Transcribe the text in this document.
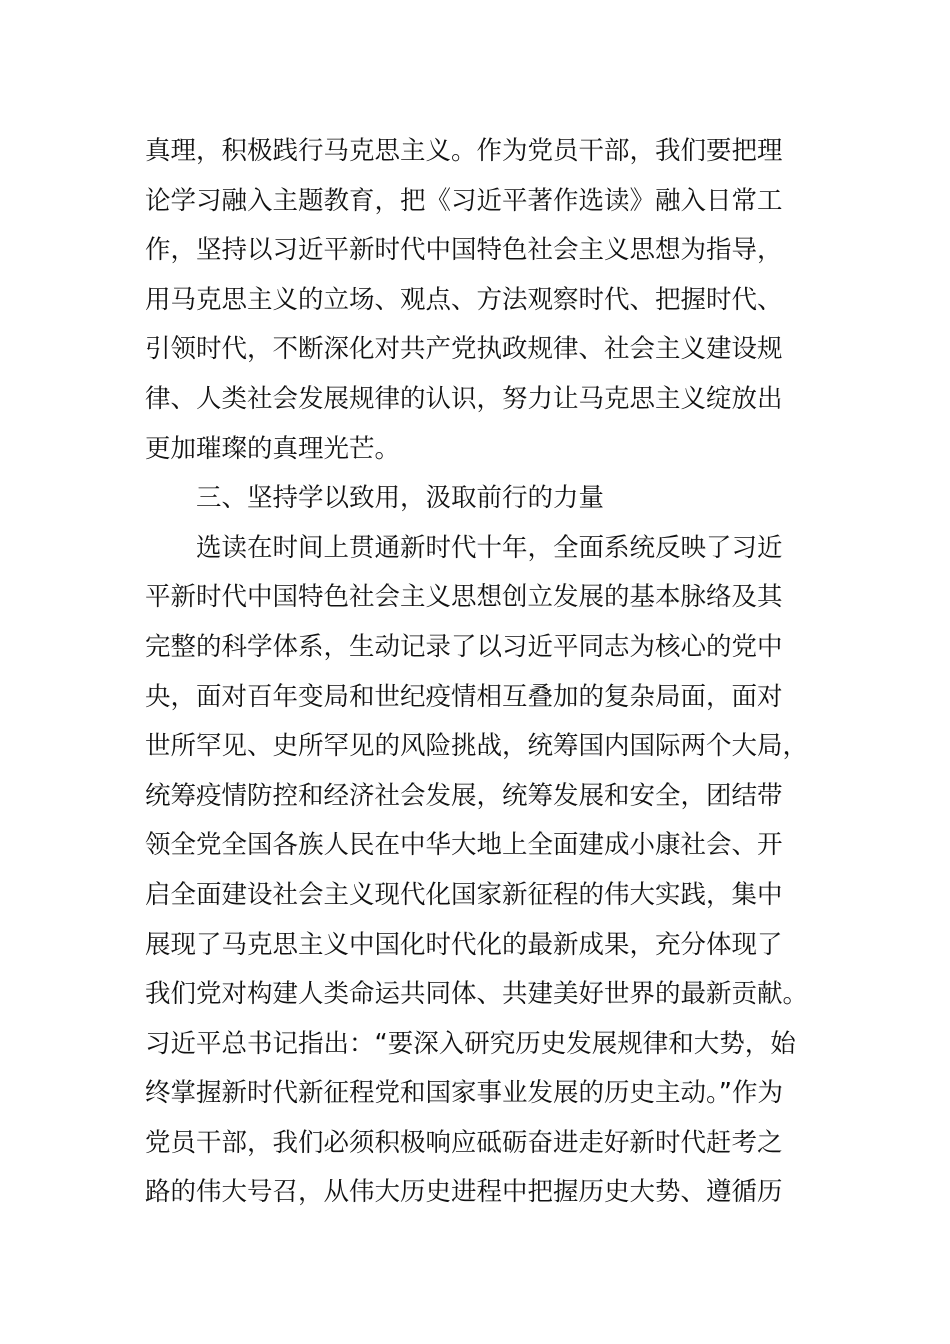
真理，积极践行马克思主义。作为党员干部，我们要把理
论学习融入主题教育，把《习近平著作选读》融入日常工
作，坚持以习近平新时代中国特色社会主义思想为指导，
用马克思主义的立场、观点、方法观察时代、把握时代、
引领时代，不断深化对共产党执政规律、社会主义建设规
律、人类社会发展规律的认识，努力让马克思主义绽放出
更加璀璨的真理光芒。
三、坚持学以致用，汲取前行的力量
选读在时间上贯通新时代十年，全面系统反映了习近
平新时代中国特色社会主义思想创立发展的基本脉络及其
完整的科学体系，生动记录了以习近平同志为核心的党中
央，面对百年变局和世纪疫情相互叠加的复杂局面，面对
世所罕见、史所罕见的风险挑战，统筹国内国际两个大局，
统筹疫情防控和经济社会发展，统筹发展和安全，团结带
领全党全国各族人民在中华大地上全面建成小康社会、开
启全面建设社会主义现代化国家新征程的伟大实践，集中
展现了马克思主义中国化时代化的最新成果，充分体现了
我们党对构建人类命运共同体、共建美好世界的最新贡献。
习近平总书记指出：“要深入研究历史发展规律和大势，始
终掌握新时代新征程党和国家事业发展的历史主动。”作为
党员干部，我们必须积极响应砥砺奋进走好新时代赶考之
路的伟大号召，从伟大历史进程中把握历史大势、遵循历
